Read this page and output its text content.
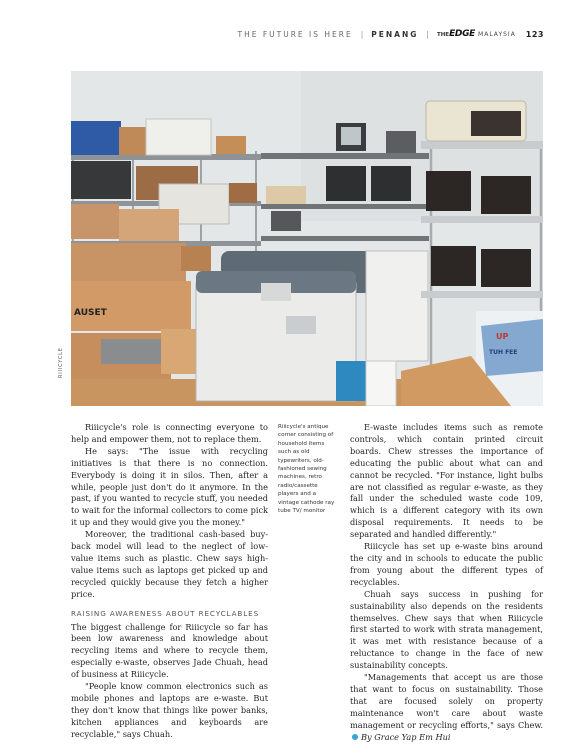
THE FUTURE IS HERE | PENANG | THE EDGE MALAYSIA 123
AUSET
UP
TUH FEE
RIIICYCLE

Riiicycle's role is connecting everyone to help and empower them, not to replace them.

He says: "The issue with recycling initiatives is that there is no connection. Everybody is doing it in silos. Then, after a while, people just don't do it anymore. In the past, if you wanted to recycle stuff, you needed to wait for the informal collectors to come pick it up and they would give you the money."

Moreover, the traditional cash-based buy-back model will lead to the neglect of low-value items such as plastic. Chew says high-value items such as laptops get picked up and recycled quickly because they fetch a higher price.

RAISING AWARENESS ABOUT RECYCLABLES

The biggest challenge for Riiicycle so far has been low awareness and knowledge about recycling items and where to recycle them, especially e-waste, observes Jade Chuah, head of business at Riiicycle.

"People know common electronics such as mobile phones and laptops are e-waste. But they don't know that things like power banks, kitchen appliances and keyboards are recyclable," says Chuah.

Riiicycle's antique corner consisting of household items such as old typewriters, old-fashioned sewing machines, retro radio/cassette players and a vintage cathode ray tube TV/ monitor

E-waste includes items such as remote controls, which contain printed circuit boards. Chew stresses the importance of educating the public about what can and cannot be recycled. "For instance, light bulbs are not classified as regular e-waste, as they fall under the scheduled waste code 109, which is a different category with its own disposal requirements. It needs to be separated and handled differently."

Riiicycle has set up e-waste bins around the city and in schools to educate the public from young about the different types of recyclables.

Chuah says success in pushing for sustainability also depends on the residents themselves. Chew says that when Riiicycle first started to work with strata management, it was met with resistance because of a reluctance to change in the face of new sustainability concepts.

"Managements that accept us are those that want to focus on sustainability. Those that are focused solely on property maintenance won't care about waste management or recycling efforts," says Chew.By Grace Yap Em Hui
